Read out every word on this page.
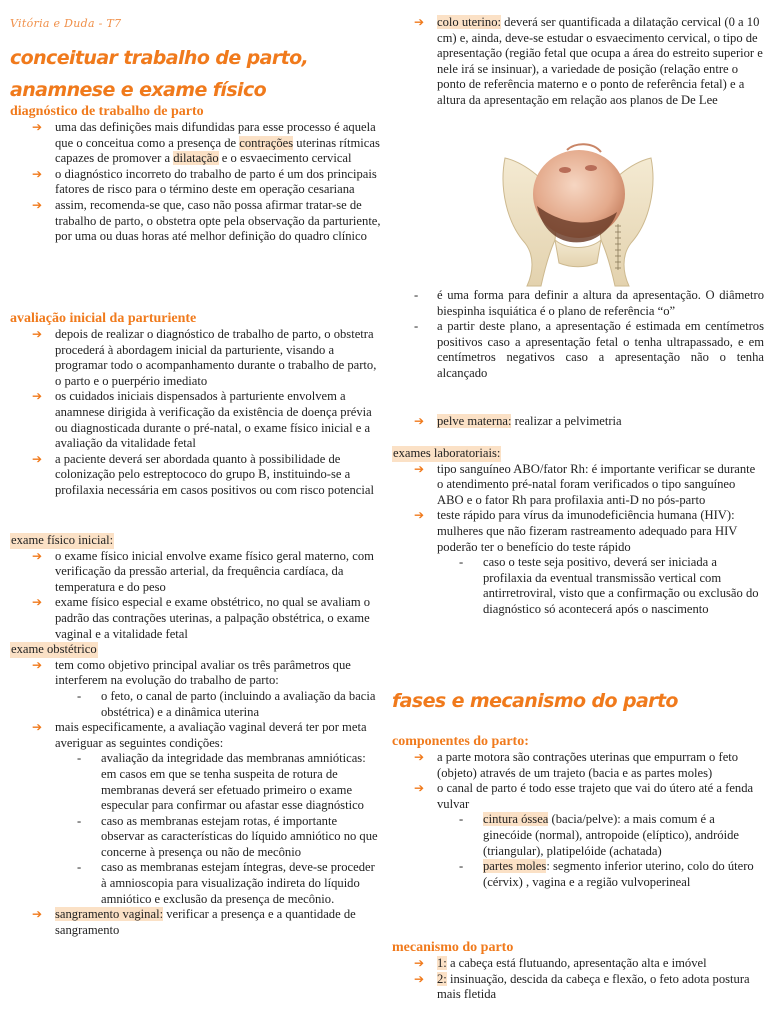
Vitória e Duda - T7
conceituar trabalho de parto, anamnese e exame físico
diagnóstico de trabalho de parto
➔ uma das definições mais difundidas para esse processo é aquela que o conceitua como a presença de contrações uterinas rítmicas capazes de promover a dilatação e o esvaecimento cervical
➔ o diagnóstico incorreto do trabalho de parto é um dos principais fatores de risco para o término deste em operação cesariana
➔ assim, recomenda-se que, caso não possa afirmar tratar-se de trabalho de parto, o obstetra opte pela observação da parturiente, por uma ou duas horas até melhor definição do quadro clínico
avaliação inicial da parturiente
➔ depois de realizar o diagnóstico de trabalho de parto, o obstetra procederá à abordagem inicial da parturiente, visando a programar todo o acompanhamento durante o trabalho de parto, o parto e o puerpério imediato
➔ os cuidados iniciais dispensados à parturiente envolvem a anamnese dirigida à verificação da existência de doença prévia ou diagnosticada durante o pré-natal, o exame físico inicial e a avaliação da vitalidade fetal
➔ a paciente deverá ser abordada quanto à possibilidade de colonização pelo estreptococo do grupo B, instituindo-se a profilaxia necessária em casos positivos ou com risco potencial
exame físico inicial:
➔ o exame físico inicial envolve exame físico geral materno, com verificação da pressão arterial, da frequência cardíaca, da temperatura e do peso
➔ exame físico especial e exame obstétrico, no qual se avaliam o padrão das contrações uterinas, a palpação obstétrica, o exame vaginal e a vitalidade fetal
exame obstétrico
➔ tem como objetivo principal avaliar os três parâmetros que interferem na evolução do trabalho de parto:
- o feto, o canal de parto (incluindo a avaliação da bacia obstétrica) e a dinâmica uterina
➔ mais especificamente, a avaliação vaginal deverá ter por meta averiguar as seguintes condições:
- avaliação da integridade das membranas amnióticas: em casos em que se tenha suspeita de rotura de membranas deverá ser efetuado primeiro o exame especular para confirmar ou afastar esse diagnóstico
- caso as membranas estejam rotas, é importante observar as características do líquido amniótico no que concerne à presença ou não de mecônio
- caso as membranas estejam íntegras, deve-se proceder à amnioscopia para visualização indireta do líquido amniótico e exclusão da presença de mecônio.
➔ sangramento vaginal: verificar a presença e a quantidade de sangramento
➔ colo uterino: deverá ser quantificada a dilatação cervical (0 a 10 cm) e, ainda, deve-se estudar o esvaecimento cervical, o tipo de apresentação (região fetal que ocupa a área do estreito superior e nele irá se insinuar), a variedade de posição (relação entre o ponto de referência materno e o ponto de referência fetal) e a altura da apresentação em relação aos planos de De Lee
- é uma forma para definir a altura da apresentação. O diâmetro biespinha isquiática é o plano de referência “o”
- a partir deste plano, a apresentação é estimada em centímetros positivos caso a apresentação fetal o tenha ultrapassado, e em centímetros negativos caso a apresentação não o tenha alcançado
➔ pelve materna: realizar a pelvimetria
exames laboratoriais:
➔ tipo sanguíneo ABO/fator Rh: é importante verificar se durante o atendimento pré-natal foram verificados o tipo sanguíneo ABO e o fator Rh para profilaxia anti-D no pós-parto
➔ teste rápido para vírus da imunodeficiência humana (HIV): mulheres que não fizeram rastreamento adequado para HIV poderão ter o benefício do teste rápido
- caso o teste seja positivo, deverá ser iniciada a profilaxia da eventual transmissão vertical com antirretroviral, visto que a confirmação ou exclusão do diagnóstico só acontecerá após o nascimento
fases e mecanismo do parto
componentes do parto:
➔ a parte motora são contrações uterinas que empurram o feto (objeto) através de um trajeto (bacia e as partes moles)
➔ o canal de parto é todo esse trajeto que vai do útero até a fenda vulvar
- cintura óssea (bacia/pelve): a mais comum é a ginecóide (normal), antropoide (elíptico), andróide (triangular), platipelóide (achatada)
- partes moles: segmento inferior uterino, colo do útero (cérvix) , vagina e a região vulvoperineal
mecanismo do parto
➔ 1: a cabeça está flutuando, apresentação alta e imóvel
➔ 2: insinuação, descida da cabeça e flexão, o feto adota postura mais fletida
